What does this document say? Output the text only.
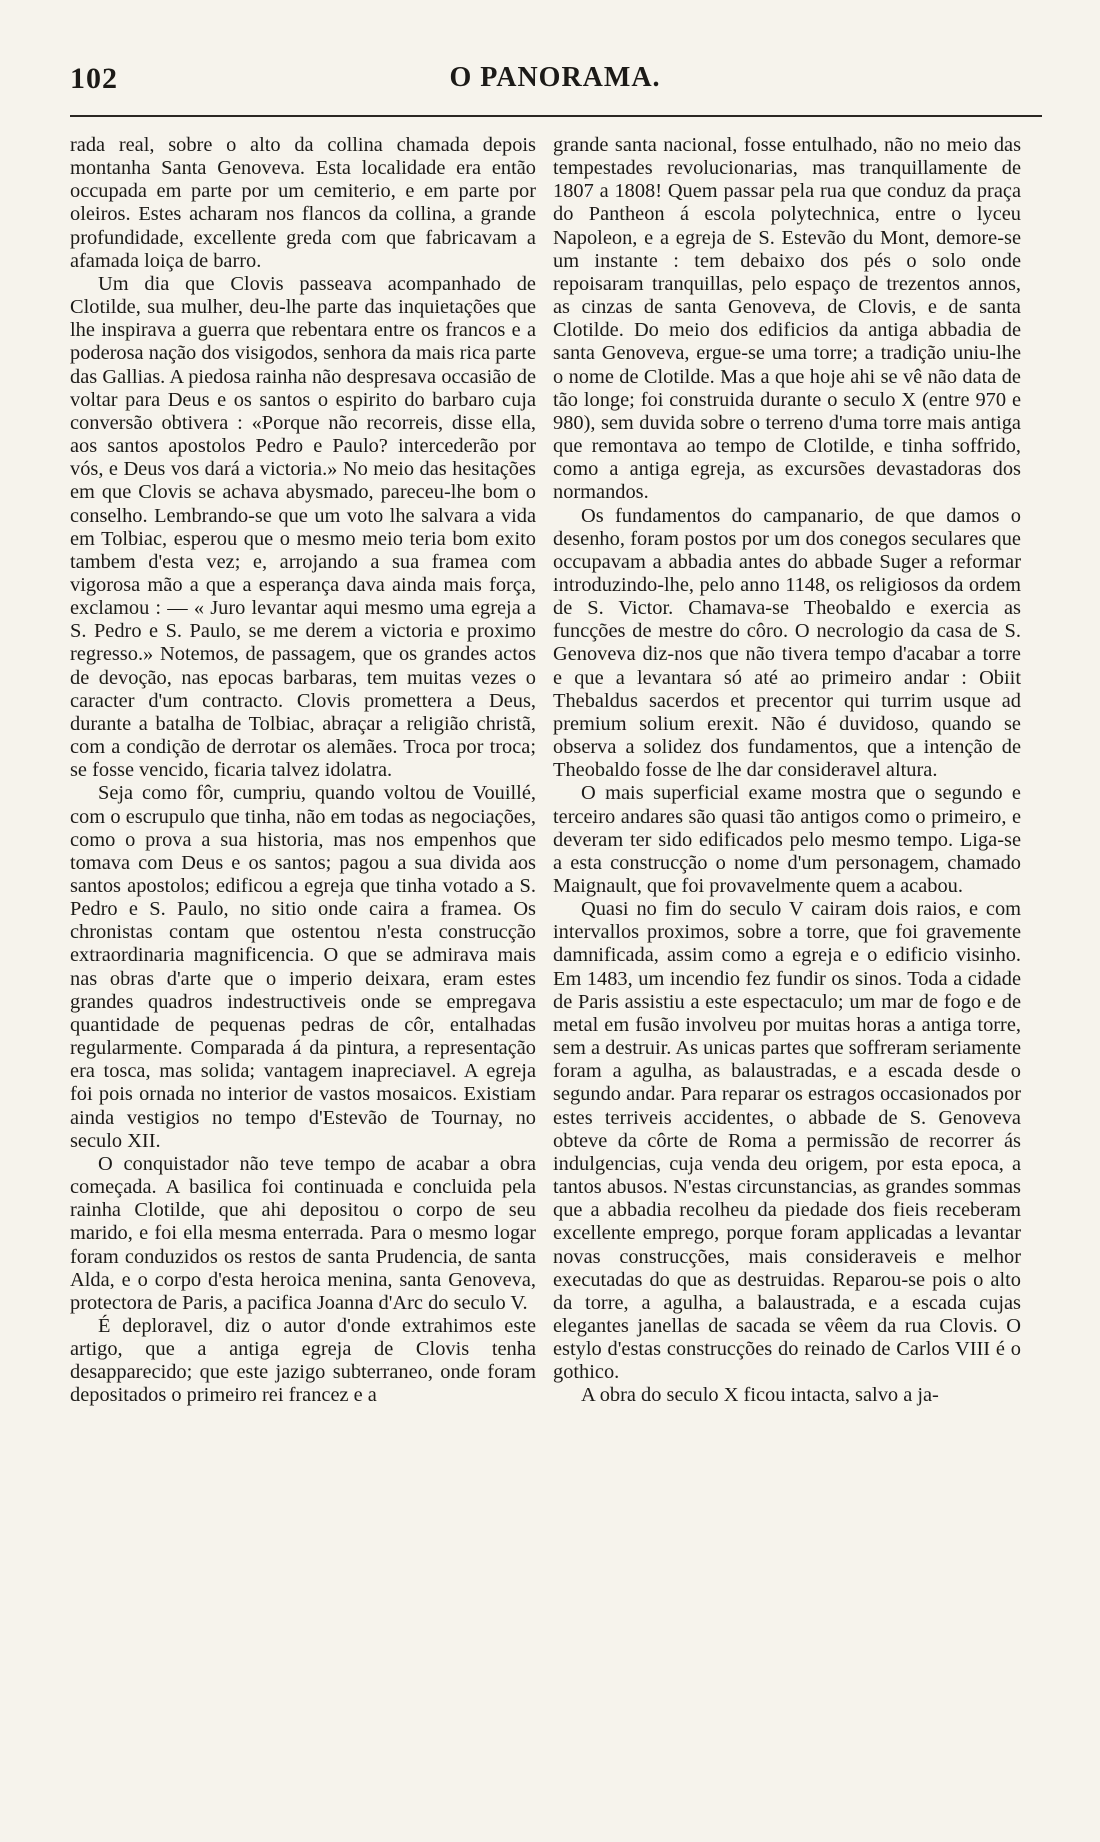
102	O PANORAMA.

rada real, sobre o alto da collina chamada depois montanha Santa Genoveva. Esta localidade era então occupada em parte por um cemiterio, e em parte por oleiros. Estes acharam nos flancos da collina, a grande profundidade, excellente greda com que fabricavam a afamada loiça de barro.

Um dia que Clovis passeava acompanhado de Clotilde, sua mulher, deu-lhe parte das inquietações que lhe inspirava a guerra que rebentara entre os francos e a poderosa nação dos visigodos, senhora da mais rica parte das Gallias. A piedosa rainha não despresava occasião de voltar para Deus e os santos o espirito do barbaro cuja conversão obtivera : «Porque não recorreis, disse ella, aos santos apostolos Pedro e Paulo? intercederão por vós, e Deus vos dará a victoria.» No meio das hesitações em que Clovis se achava abysmado, pareceu-lhe bom o conselho. Lembrando-se que um voto lhe salvara a vida em Tolbiac, esperou que o mesmo meio teria bom exito tambem d'esta vez; e, arrojando a sua framea com vigorosa mão a que a esperança dava ainda mais força, exclamou : — « Juro levantar aqui mesmo uma egreja a S. Pedro e S. Paulo, se me derem a victoria e proximo regresso.» Notemos, de passagem, que os grandes actos de devoção, nas epocas barbaras, tem muitas vezes o caracter d'um contracto. Clovis promettera a Deus, durante a batalha de Tolbiac, abraçar a religião christã, com a condição de derrotar os alemães. Troca por troca; se fosse vencido, ficaria talvez idolatra.

Seja como fôr, cumpriu, quando voltou de Vouillé, com o escrupulo que tinha, não em todas as negociações, como o prova a sua historia, mas nos empenhos que tomava com Deus e os santos; pagou a sua divida aos santos apostolos; edificou a egreja que tinha votado a S. Pedro e S. Paulo, no sitio onde caira a framea. Os chronistas contam que ostentou n'esta construcção extraordinaria magnificencia. O que se admirava mais nas obras d'arte que o imperio deixara, eram estes grandes quadros indestructiveis onde se empregava quantidade de pequenas pedras de côr, entalhadas regularmente. Comparada á da pintura, a representação era tosca, mas solida; vantagem inapreciavel. A egreja foi pois ornada no interior de vastos mosaicos. Existiam ainda vestigios no tempo d'Estevão de Tournay, no seculo XII.

O conquistador não teve tempo de acabar a obra começada. A basilica foi continuada e concluida pela rainha Clotilde, que ahi depositou o corpo de seu marido, e foi ella mesma enterrada. Para o mesmo logar foram conduzidos os restos de santa Prudencia, de santa Alda, e o corpo d'esta heroica menina, santa Genoveva, protectora de Paris, a pacifica Joanna d'Arc do seculo V.

É deploravel, diz o autor d'onde extrahimos este artigo, que a antiga egreja de Clovis tenha desapparecido; que este jazigo subterraneo, onde foram depositados o primeiro rei francez e a

grande santa nacional, fosse entulhado, não no meio das tempestades revolucionarias, mas tranquillamente de 1807 a 1808! Quem passar pela rua que conduz da praça do Pantheon á escola polytechnica, entre o lyceu Napoleon, e a egreja de S. Estevão du Mont, demore-se um instante : tem debaixo dos pés o solo onde repoisaram tranquillas, pelo espaço de trezentos annos, as cinzas de santa Genoveva, de Clovis, e de santa Clotilde. Do meio dos edificios da antiga abbadia de santa Genoveva, ergue-se uma torre; a tradição uniu-lhe o nome de Clotilde. Mas a que hoje ahi se vê não data de tão longe; foi construida durante o seculo X (entre 970 e 980), sem duvida sobre o terreno d'uma torre mais antiga que remontava ao tempo de Clotilde, e tinha soffrido, como a antiga egreja, as excursões devastadoras dos normandos.

Os fundamentos do campanario, de que damos o desenho, foram postos por um dos conegos seculares que occupavam a abbadia antes do abbade Suger a reformar introduzindo-lhe, pelo anno 1148, os religiosos da ordem de S. Victor. Chamava-se Theobaldo e exercia as funcções de mestre do côro. O necrologio da casa de S. Genoveva diz-nos que não tivera tempo d'acabar a torre e que a levantara só até ao primeiro andar : Obiit Thebaldus sacerdos et precentor qui turrim usque ad premium solium erexit. Não é duvidoso, quando se observa a solidez dos fundamentos, que a intenção de Theobaldo fosse de lhe dar consideravel altura.

O mais superficial exame mostra que o segundo e terceiro andares são quasi tão antigos como o primeiro, e deveram ter sido edificados pelo mesmo tempo. Liga-se a esta construcção o nome d'um personagem, chamado Maignault, que foi provavelmente quem a acabou.

Quasi no fim do seculo V cairam dois raios, e com intervallos proximos, sobre a torre, que foi gravemente damnificada, assim como a egreja e o edificio visinho. Em 1483, um incendio fez fundir os sinos. Toda a cidade de Paris assistiu a este espectaculo; um mar de fogo e de metal em fusão involveu por muitas horas a antiga torre, sem a destruir. As unicas partes que soffreram seriamente foram a agulha, as balaustradas, e a escada desde o segundo andar. Para reparar os estragos occasionados por estes terriveis accidentes, o abbade de S. Genoveva obteve da côrte de Roma a permissão de recorrer ás indulgencias, cuja venda deu origem, por esta epoca, a tantos abusos. N'estas circunstancias, as grandes sommas que a abbadia recolheu da piedade dos fieis receberam excellente emprego, porque foram applicadas a levantar novas construcções, mais consideraveis e melhor executadas do que as destruidas. Reparou-se pois o alto da torre, a agulha, a balaustrada, e a escada cujas elegantes janellas de sacada se vêem da rua Clovis. O estylo d'estas construcções do reinado de Carlos VIII é o gothico.

A obra do seculo X ficou intacta, salvo a ja-
